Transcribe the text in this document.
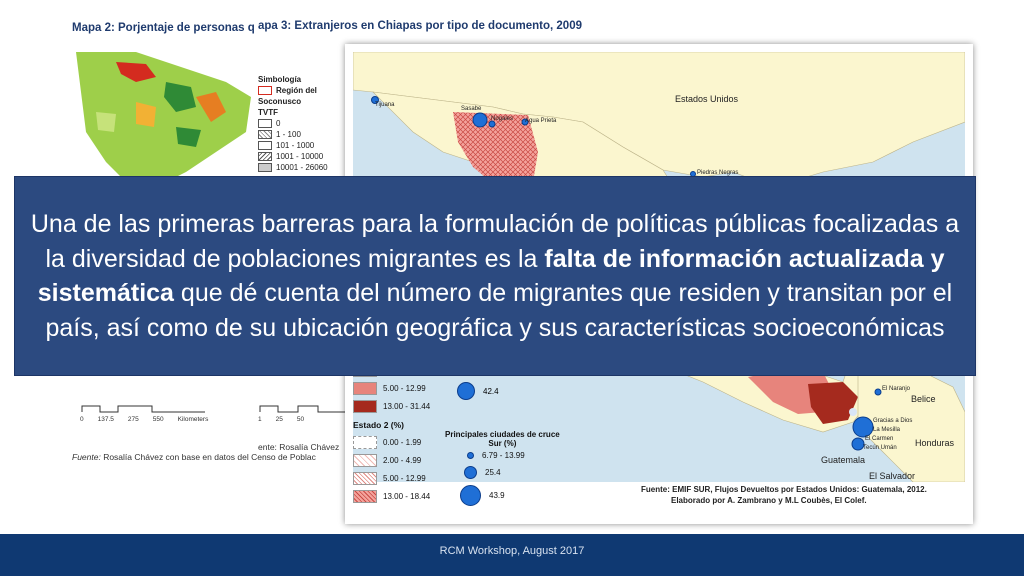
Mapa 2: Porjentaje de personas q
Simbología
Región del Soconusco
TVTF
0
1 - 100
101 - 1000
1001 - 10000
10001 - 26060
0 137.5 275 550 Kilometers	1 25 50
ente: Rosalía Chávez
Fuente: Rosalía Chávez con base en datos del Censo de Poblac
apa 3: Extranjeros en Chiapas por tipo de documento, 2009
Tijuana
Sasabe
Nogales Agua Prieta
Piedras Negras
Estados Unidos
El Naranjo
Belice
Gracias a Dios
La Mesilla
El Carmen
Tecún Umán Honduras
Guatemala
El Salvador
5.00 - 12.99
13.00 - 31.44
Estado 2 (%)
0.00 - 1.99
2.00 - 4.99
5.00 - 12.99
13.00 - 18.44
42.4
Principales ciudades de cruce
Sur (%)
6.79 - 13.99
25.4
43.9
Fuente: EMIF SUR, Flujos Devueltos por Estados Unidos: Guatemala, 2012.
Elaborado por A. Zambrano y M.L Coubès, El Colef.
Una de las primeras barreras para la formulación de políticas públicas focalizadas a la diversidad de poblaciones migrantes es la falta de información actualizada y sistemática que dé cuenta del número de migrantes que residen y transitan por el país, así como de su ubicación geográfica y sus características socioeconómicas
RCM Workshop, August 2017
